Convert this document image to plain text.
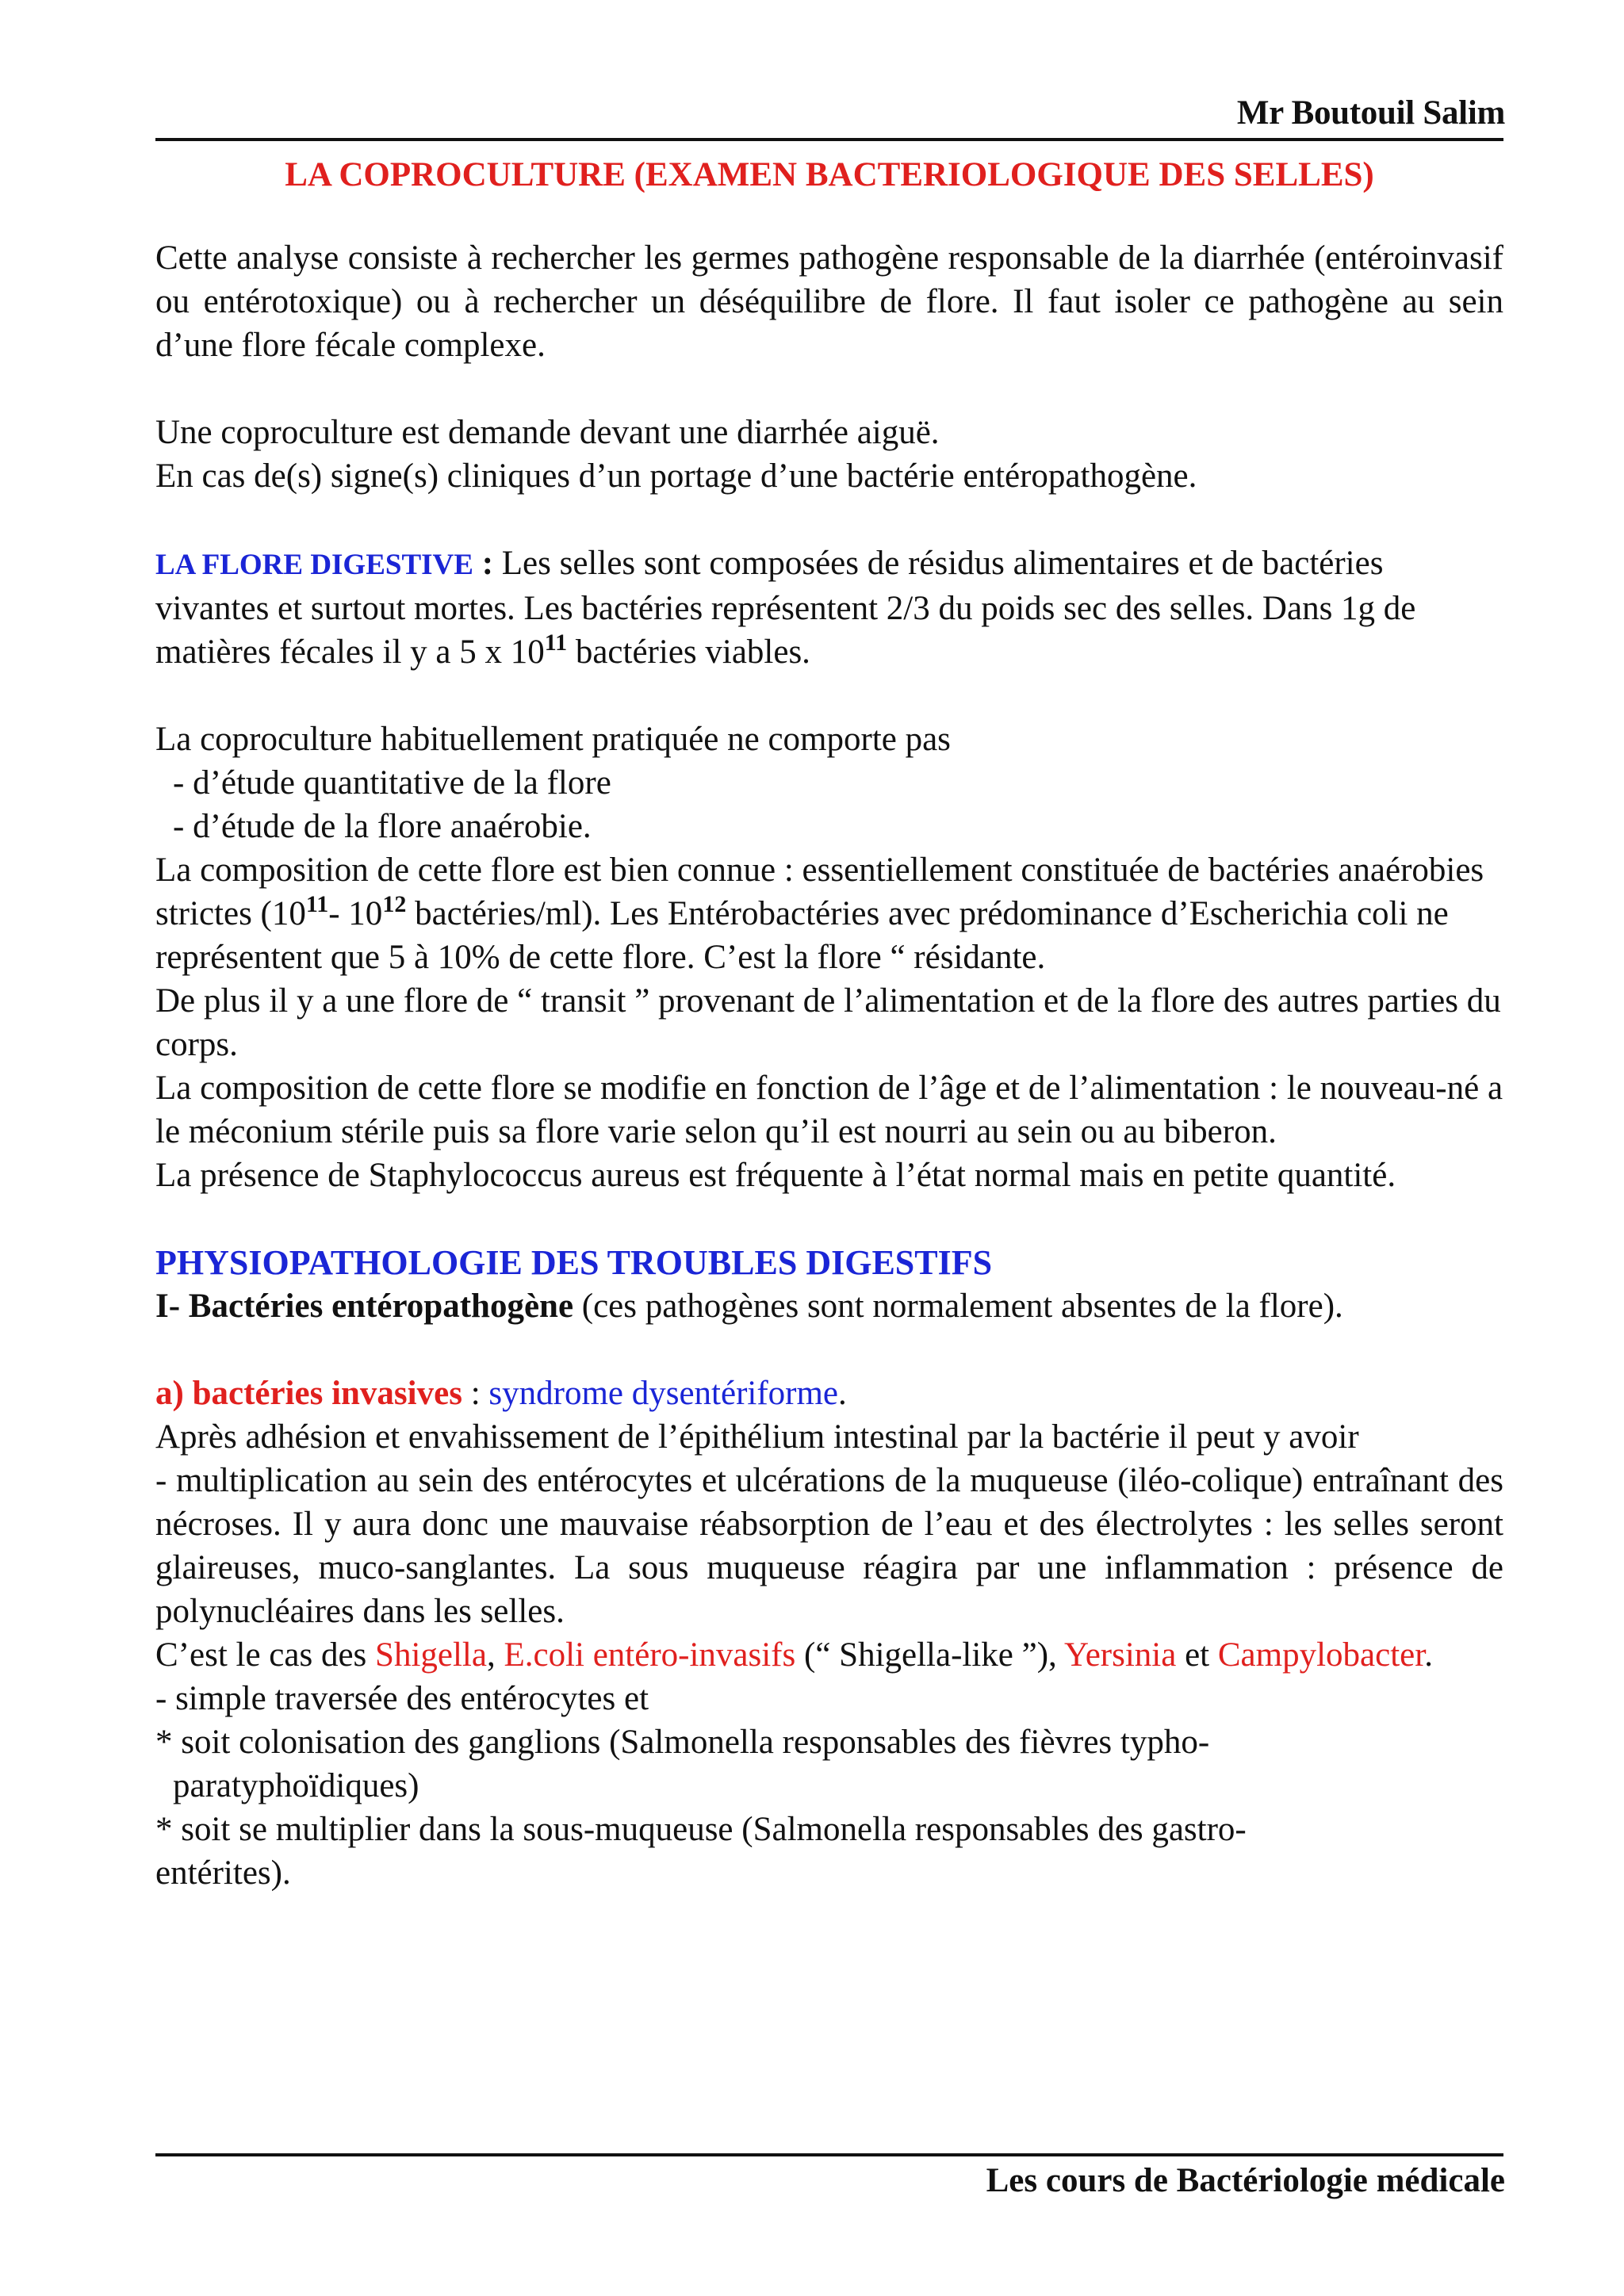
Mr Boutouil Salim
LA COPROCULTURE (EXAMEN BACTERIOLOGIQUE DES SELLES)

Cette analyse consiste à rechercher les germes pathogène responsable de la diarrhée (entéroinvasif ou entérotoxique) ou à rechercher un déséquilibre de flore. Il faut isoler ce pathogène au sein d’une flore fécale complexe.

Une coproculture est demande devant une diarrhée aiguë.

En cas de(s) signe(s) cliniques d’un portage d’une bactérie entéropathogène.

LA FLORE DIGESTIVE : Les selles sont composées de résidus alimentaires et de bactéries vivantes et surtout mortes. Les bactéries représentent 2/3 du poids sec des selles. Dans 1g de matières fécales il y a 5 x $10^{11}$ bactéries viables.

La coproculture habituellement pratiquée ne comporte pas

- d’étude quantitative de la flore

- d’étude de la flore anaérobie.

La composition de cette flore est bien connue : essentiellement constituée de bactéries anaérobies strictes ($10^{11}-$ $10^{12}$ bactéries/ml). Les Entérobactéries avec prédominance d’Escherichia coli ne représentent que 5 à 10% de cette flore. C’est la flore “ résidante.

De plus il y a une flore de “ transit ” provenant de l’alimentation et de la flore des autres parties du corps.

La composition de cette flore se modifie en fonction de l’âge et de l’alimentation : le nouveau-né a le méconium stérile puis sa flore varie selon qu’il est nourri au sein ou au biberon.

La présence de Staphylococcus aureus est fréquente à l’état normal mais en petite quantité.

PHYSIOPATHOLOGIE DES TROUBLES DIGESTIFS

I- Bactéries entéropathogène (ces pathogènes sont normalement absentes de la flore).

a) bactéries invasives : syndrome dysentériforme.

Après adhésion et envahissement de l’épithélium intestinal par la bactérie il peut y avoir

- multiplication au sein des entérocytes et ulcérations de la muqueuse (iléo-colique) entraînant des nécroses. Il y aura donc une mauvaise réabsorption de l’eau et des électrolytes : les selles seront glaireuses, muco-sanglantes. La sous muqueuse réagira par une inflammation : présence de polynucléaires dans les selles.

C’est le cas des Shigella, E.coli entéro-invasifs (“ Shigella-like ”), Yersinia et Campylobacter.

- simple traversée des entérocytes et

* soit colonisation des ganglions (Salmonella responsables des fièvres typho-

paratyphoïdiques)

* soit se multiplier dans la sous-muqueuse (Salmonella responsables des gastro-

entérites).

Les cours de Bactériologie médicale
